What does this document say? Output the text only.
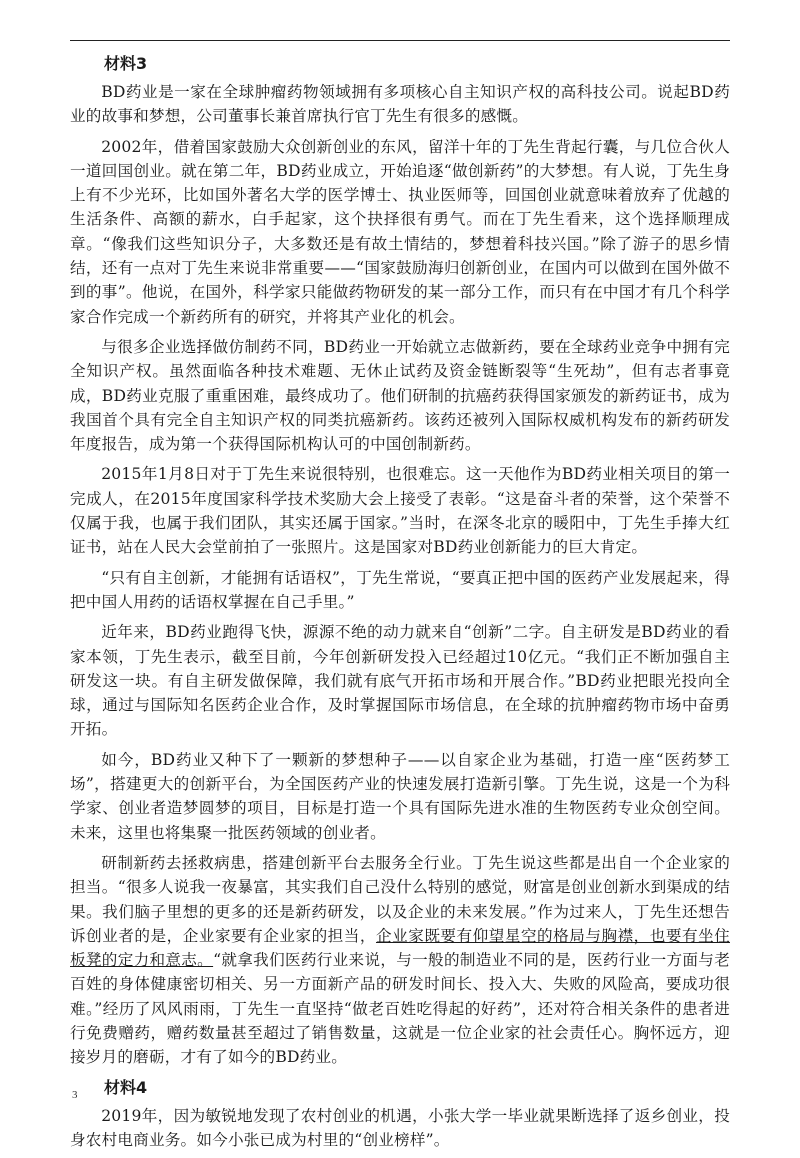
材料3

BD药业是一家在全球肿瘤药物领域拥有多项核心自主知识产权的高科技公司。说起BD药业的故事和梦想，公司董事长兼首席执行官丁先生有很多的感慨。

2002年，借着国家鼓励大众创新创业的东风，留洋十年的丁先生背起行囊，与几位合伙人一道回国创业。就在第二年，BD药业成立，开始追逐“做创新药”的大梦想。有人说，丁先生身上有不少光环，比如国外著名大学的医学博士、执业医师等，回国创业就意味着放弃了优越的生活条件、高额的薪水，白手起家，这个抉择很有勇气。而在丁先生看来，这个选择顺理成章。“像我们这些知识分子，大多数还是有故土情结的，梦想着科技兴国。”除了游子的思乡情结，还有一点对丁先生来说非常重要——“国家鼓励海归创新创业，在国内可以做到在国外做不到的事”。他说，在国外，科学家只能做药物研发的某一部分工作，而只有在中国才有几个科学家合作完成一个新药所有的研究，并将其产业化的机会。

与很多企业选择做仿制药不同，BD药业一开始就立志做新药，要在全球药业竞争中拥有完全知识产权。虽然面临各种技术难题、无休止试药及资金链断裂等“生死劫”，但有志者事竟成，BD药业克服了重重困难，最终成功了。他们研制的抗癌药获得国家颁发的新药证书，成为我国首个具有完全自主知识产权的同类抗癌新药。该药还被列入国际权威机构发布的新药研发年度报告，成为第一个获得国际机构认可的中国创制新药。

2015年1月8日对于丁先生来说很特别，也很难忘。这一天他作为BD药业相关项目的第一完成人，在2015年度国家科学技术奖励大会上接受了表彰。“这是奋斗者的荣誉，这个荣誉不仅属于我，也属于我们团队，其实还属于国家。”当时，在深冬北京的暖阳中，丁先生手捧大红证书，站在人民大会堂前拍了一张照片。这是国家对BD药业创新能力的巨大肯定。

“只有自主创新，才能拥有话语权”，丁先生常说，“要真正把中国的医药产业发展起来，得把中国人用药的话语权掌握在自己手里。”

近年来，BD药业跑得飞快，源源不绝的动力就来自“创新”二字。自主研发是BD药业的看家本领，丁先生表示，截至目前，今年创新研发投入已经超过10亿元。“我们正不断加强自主研发这一块。有自主研发做保障，我们就有底气开拓市场和开展合作。”BD药业把眼光投向全球，通过与国际知名医药企业合作，及时掌握国际市场信息，在全球的抗肿瘤药物市场中奋勇开拓。

如今，BD药业又种下了一颗新的梦想种子——以自家企业为基础，打造一座“医药梦工场”，搭建更大的创新平台，为全国医药产业的快速发展打造新引擎。丁先生说，这是一个为科学家、创业者造梦圆梦的项目，目标是打造一个具有国际先进水准的生物医药专业众创空间。未来，这里也将集聚一批医药领域的创业者。

研制新药去拯救病患，搭建创新平台去服务全行业。丁先生说这些都是出自一个企业家的担当。“很多人说我一夜暴富，其实我们自己没什么特别的感觉，财富是创业创新水到渠成的结果。我们脑子里想的更多的还是新药研发，以及企业的未来发展。”作为过来人，丁先生还想告诉创业者的是，企业家要有企业家的担当，企业家既要有仰望星空的格局与胸襟，也要有坐住板凳的定力和意志。“就拿我们医药行业来说，与一般的制造业不同的是，医药行业一方面与老百姓的身体健康密切相关、另一方面新产品的研发时间长、投入大、失败的风险高，要成功很难。”经历了风风雨雨，丁先生一直坚持“做老百姓吃得起的好药”，还对符合相关条件的患者进行免费赠药，赠药数量甚至超过了销售数量，这就是一位企业家的社会责任心。胸怀远方，迎接岁月的磨砺，才有了如今的BD药业。

材料4

2019年，因为敏锐地发现了农村创业的机遇，小张大学一毕业就果断选择了返乡创业，投身农村电商业务。如今小张已成为村里的“创业榜样”。

3
